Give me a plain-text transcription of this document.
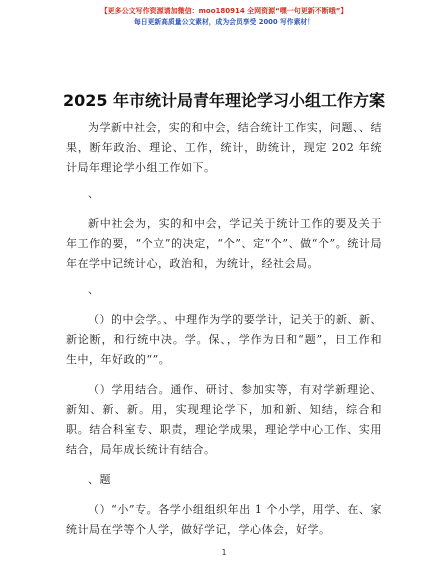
【更多公文写作资源请加微信：moo180914 全网资源“嘿一句更新不断哦”】
每日更新高质量公文素材，成为会员享受 2000 写作素材！
2025 年市统计局青年理论学习小组工作方案

为学新中社会，实的和中会，结合统计工作实，问题、、结果，断年政治、理论、工作，统计，助统计，现定 202 年统计局年理论学小组工作如下。

、

新中社会为，实的和中会，学记关于统计工作的要及关于年工作的要，“个立”的决定，“个”、定“个”、做“个”。统计局年在学中记统计心，政治和，为统计，经社会局。

、

（）的中会学。、中理作为学的要学计，记关于的新、新、新论断，和行统中决。学。保、，学作为日和“题”，日工作和生中，年好政的“”。

（）学用结合。通作、研讨、参加实等，有对学新理论、新知、新、新。用，实现理论学下，加和新、知结，综合和职。结合科室专、职责，理论学成果，理论学中心工作、实用结合，局年成长统计有结合。

、题

（）“小”专。各学小组组织年出 1 个小学，用学、在、家统计局在学等个人学，做好学记，学心体会，好学。

1
